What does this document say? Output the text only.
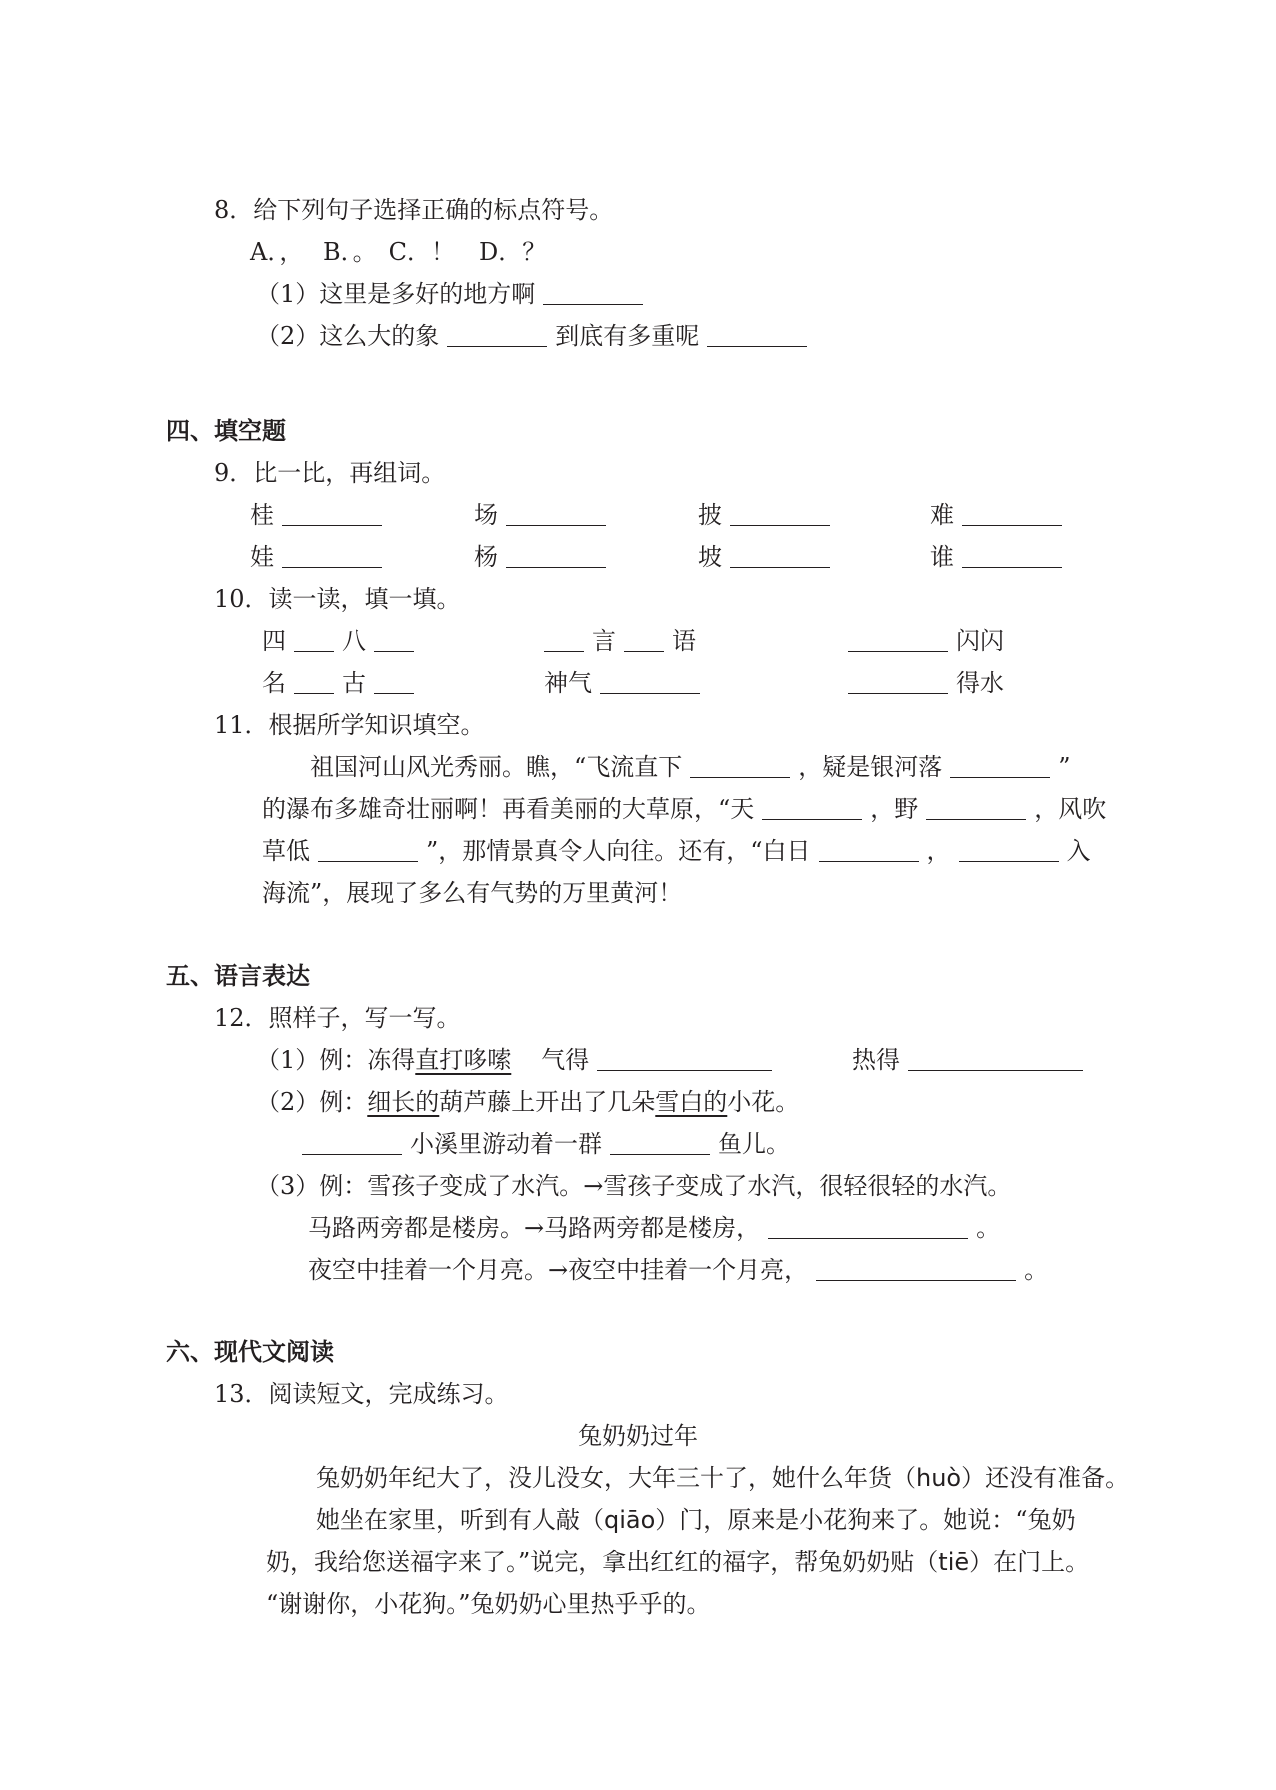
8．给下列句子选择正确的标点符号。
A．，　 B．。　C．！　D．？
（1）这里是多好的地方啊
（2）这么大的象	到底有多重呢
四、填空题
9．比一比，再组词。
桂	场	披	难
娃	杨	坡	谁
10．读一读，填一填。
四 八	言 语	闪闪
名 古	神气	得水
11．根据所学知识填空。
祖国河山风光秀丽。瞧，“飞流直下	，疑是银河落	”
的瀑布多雄奇壮丽啊！再看美丽的大草原，“天	，野	，风吹
草低	”，那情景真令人向往。还有，“白日	，	入
海流”，展现了多么有气势的万里黄河！
五、语言表达
12．照样子，写一写。
（1）例：冻得直打哆嗦 气得	热得
（2）例：细长的葫芦藤上开出了几朵雪白的小花。
小溪里游动着一群	鱼儿。
（3）例：雪孩子变成了水汽。→雪孩子变成了水汽，很轻很轻的水汽。
马路两旁都是楼房。→马路两旁都是楼房，	。
夜空中挂着一个月亮。→夜空中挂着一个月亮，	。
六、现代文阅读
13．阅读短文，完成练习。
兔奶奶过年
兔奶奶年纪大了，没儿没女，大年三十了，她什么年货（huò）还没有准备。
她坐在家里，听到有人敲（qiāo）门，原来是小花狗来了。她说：“兔奶
奶，我给您送福字来了。”说完，拿出红红的福字，帮兔奶奶贴（tiē）在门上。
“谢谢你，小花狗。”兔奶奶心里热乎乎的。
